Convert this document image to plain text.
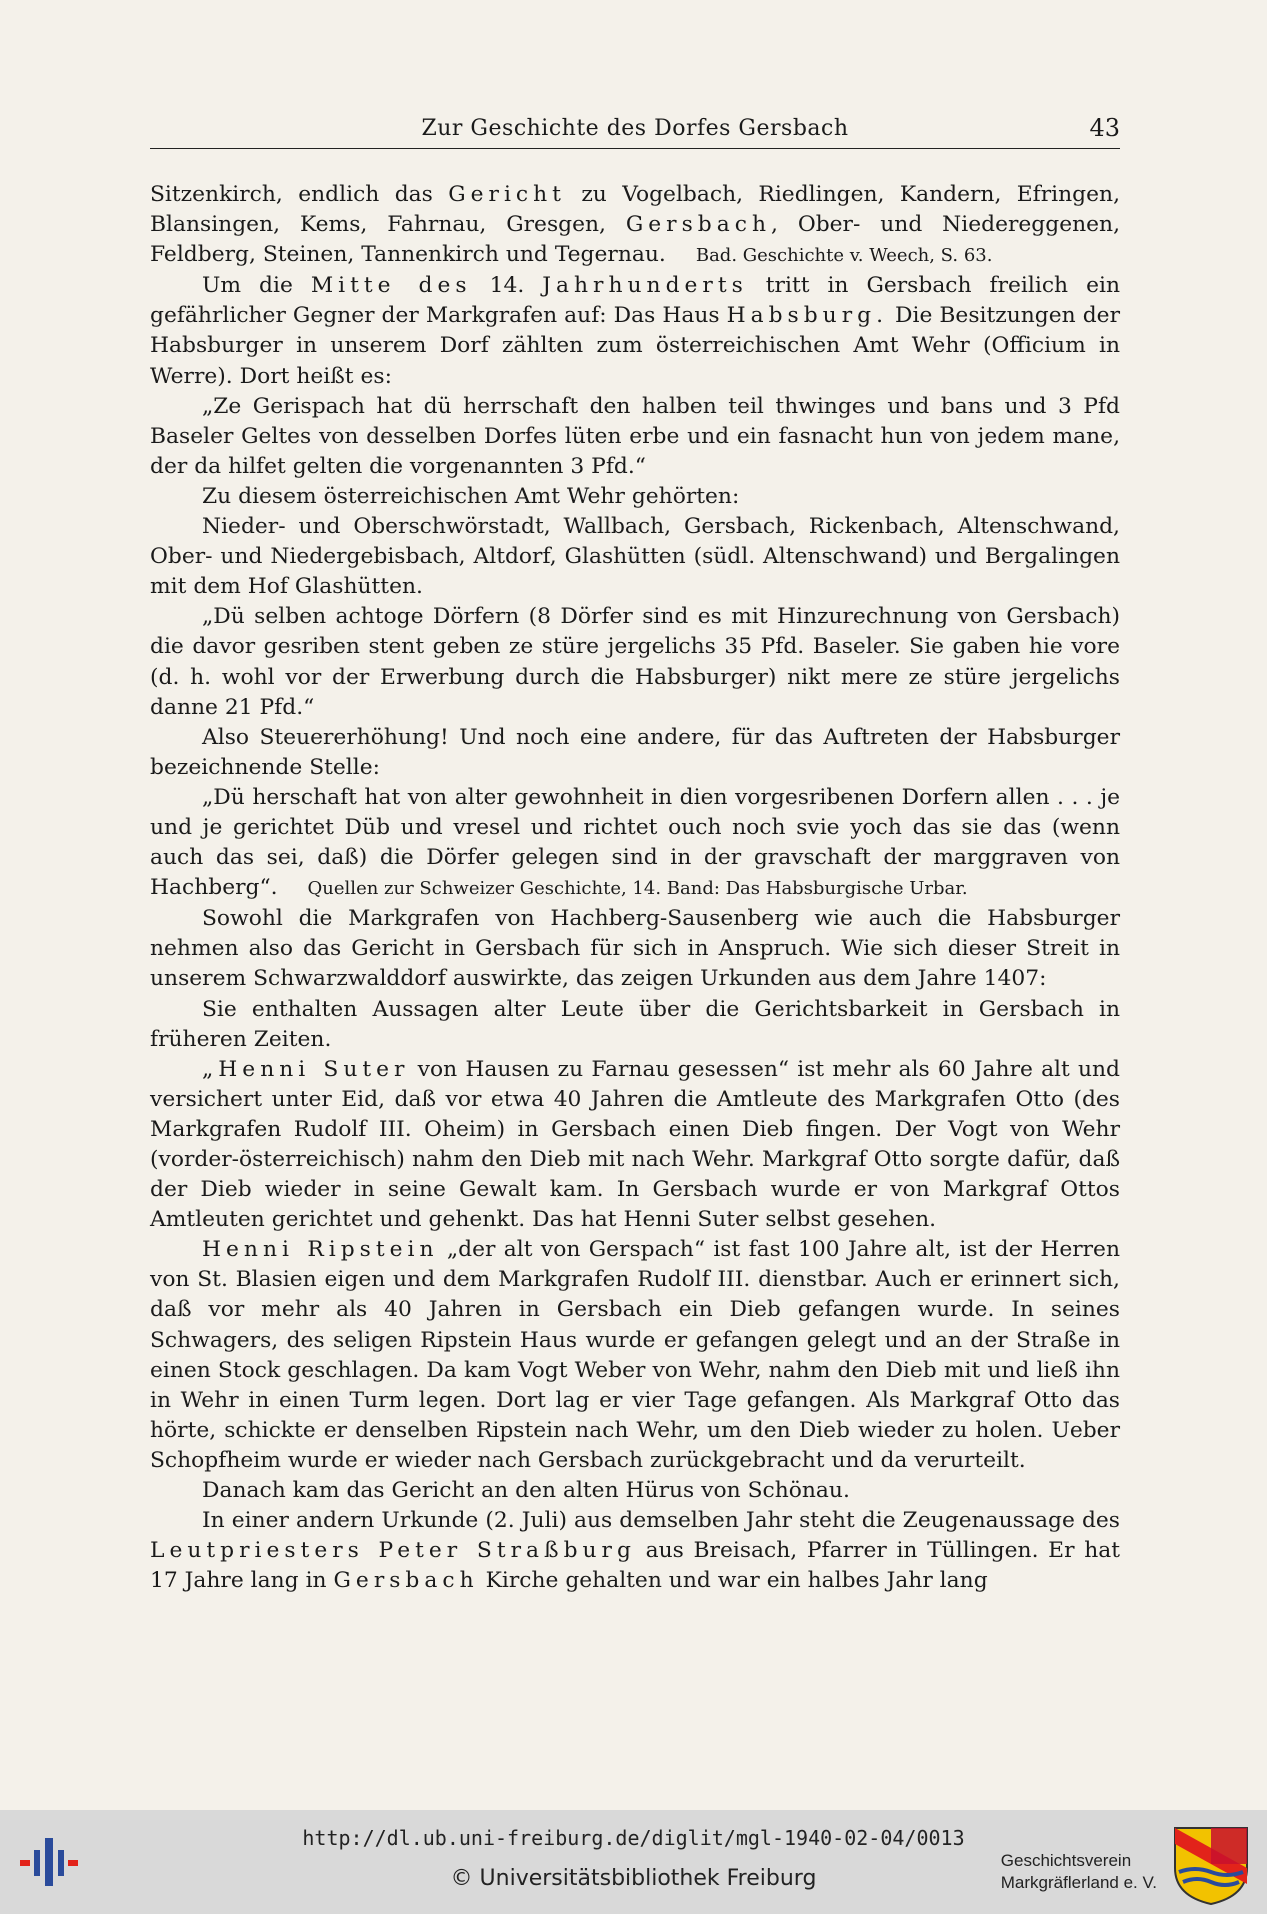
Zur Geschichte des Dorfes Gersbach	43

Sitzenkirch, endlich das Gericht zu Vogelbach, Riedlingen, Kandern, Efringen, Blansingen, Kems, Fahrnau, Gresgen, Gersbach, Ober- und Niedereggenen, Feldberg, Steinen, Tannenkirch und Tegernau. Bad. Geschichte v. Weech, S. 63.

Um die Mitte des 14. Jahrhunderts tritt in Gersbach freilich ein gefährlicher Gegner der Markgrafen auf: Das Haus Habsburg. Die Besitzungen der Habsburger in unserem Dorf zählten zum österreichischen Amt Wehr (Officium in Werre). Dort heißt es:

„Ze Gerispach hat dü herrschaft den halben teil thwinges und bans und 3 Pfd Baseler Geltes von desselben Dorfes lüten erbe und ein fasnacht hun von jedem mane, der da hilfet gelten die vorgenannten 3 Pfd.“

Zu diesem österreichischen Amt Wehr gehörten:

Nieder- und Oberschwörstadt, Wallbach, Gersbach, Rickenbach, Altenschwand, Ober- und Niedergebisbach, Altdorf, Glashütten (südl. Altenschwand) und Bergalingen mit dem Hof Glashütten.

„Dü selben achtoge Dörfern (8 Dörfer sind es mit Hinzurechnung von Gersbach) die davor gesriben stent geben ze stüre jergelichs 35 Pfd. Baseler. Sie gaben hie vore (d. h. wohl vor der Erwerbung durch die Habsburger) nikt mere ze stüre jergelichs danne 21 Pfd.“

Also Steuererhöhung! Und noch eine andere, für das Auftreten der Habsburger bezeichnende Stelle:

„Dü herschaft hat von alter gewohnheit in dien vorgesribenen Dorfern allen . . . je und je gerichtet Düb und vresel und richtet ouch noch svie yoch das sie das (wenn auch das sei, daß) die Dörfer gelegen sind in der gravschaft der marggraven von Hachberg“. Quellen zur Schweizer Geschichte, 14. Band: Das Habsburgische Urbar.

Sowohl die Markgrafen von Hachberg-Sausenberg wie auch die Habsburger nehmen also das Gericht in Gersbach für sich in Anspruch. Wie sich dieser Streit in unserem Schwarzwalddorf auswirkte, das zeigen Urkunden aus dem Jahre 1407:

Sie enthalten Aussagen alter Leute über die Gerichtsbarkeit in Gersbach in früheren Zeiten.

„Henni Suter von Hausen zu Farnau gesessen“ ist mehr als 60 Jahre alt und versichert unter Eid, daß vor etwa 40 Jahren die Amtleute des Markgrafen Otto (des Markgrafen Rudolf III. Oheim) in Gersbach einen Dieb fingen. Der Vogt von Wehr (vorder-österreichisch) nahm den Dieb mit nach Wehr. Markgraf Otto sorgte dafür, daß der Dieb wieder in seine Gewalt kam. In Gersbach wurde er von Markgraf Ottos Amtleuten gerichtet und gehenkt. Das hat Henni Suter selbst gesehen.

Henni Ripstein „der alt von Gerspach“ ist fast 100 Jahre alt, ist der Herren von St. Blasien eigen und dem Markgrafen Rudolf III. dienstbar. Auch er erinnert sich, daß vor mehr als 40 Jahren in Gersbach ein Dieb gefangen wurde. In seines Schwagers, des seligen Ripstein Haus wurde er gefangen gelegt und an der Straße in einen Stock geschlagen. Da kam Vogt Weber von Wehr, nahm den Dieb mit und ließ ihn in Wehr in einen Turm legen. Dort lag er vier Tage gefangen. Als Markgraf Otto das hörte, schickte er denselben Ripstein nach Wehr, um den Dieb wieder zu holen. Ueber Schopfheim wurde er wieder nach Gersbach zurückgebracht und da verurteilt.

Danach kam das Gericht an den alten Hürus von Schönau.

In einer andern Urkunde (2. Juli) aus demselben Jahr steht die Zeugenaussage des Leutpriesters Peter Straßburg aus Breisach, Pfarrer in Tüllingen. Er hat 17 Jahre lang in Gersbach Kirche gehalten und war ein halbes Jahr lang

http://dl.ub.uni-freiburg.de/diglit/mgl-1940-02-04/0013
© Universitätsbibliothek Freiburg
Geschichtsverein
Markgräflerland e. V.
